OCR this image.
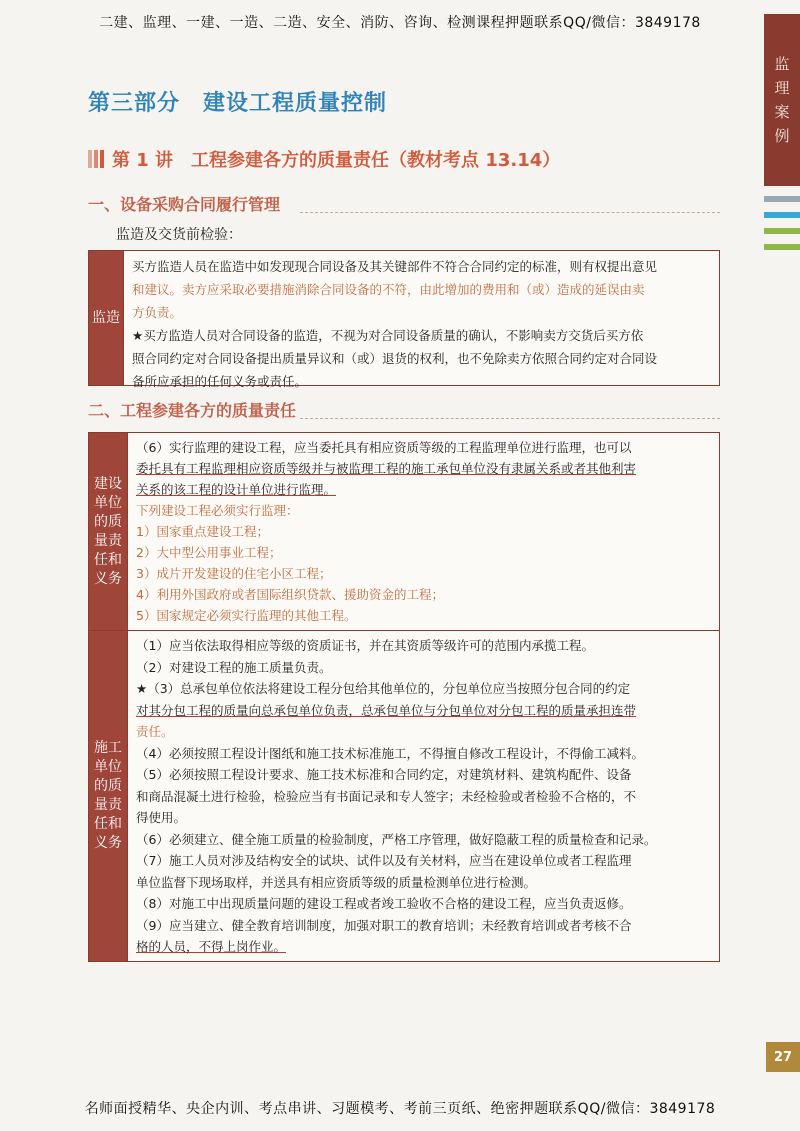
二建、监理、一建、一造、二造、安全、消防、咨询、检测课程押题联系QQ/微信：3849178
监
理
案
例
第三部分　建设工程质量控制
第 1 讲　工程参建各方的质量责任（教材考点 13.14）
一、设备采购合同履行管理
监造及交货前检验：
监造

买方监造人员在监造中如发现现合同设备及其关键部件不符合合同约定的标准，则有权提出意见

和建议。卖方应采取必要措施消除合同设备的不符，由此增加的费用和（或）造成的延误由卖

方负责。

★买方监造人员对合同设备的监造，不视为对合同设备质量的确认，不影响卖方交货后买方依

照合同约定对合同设备提出质量异议和（或）退货的权利，也不免除卖方依照合同约定对合同设

备所应承担的任何义务或责任。

二、工程参建各方的质量责任
建设单位的质量责任和义务

（6）实行监理的建设工程，应当委托具有相应资质等级的工程监理单位进行监理，也可以

委托具有工程监理相应资质等级并与被监理工程的施工承包单位没有隶属关系或者其他利害

关系的该工程的设计单位进行监理。

下列建设工程必须实行监理：

1）国家重点建设工程；

2）大中型公用事业工程；

3）成片开发建设的住宅小区工程；

4）利用外国政府或者国际组织贷款、援助资金的工程；

5）国家规定必须实行监理的其他工程。

施工单位的质量责任和义务

（1）应当依法取得相应等级的资质证书，并在其资质等级许可的范围内承揽工程。

（2）对建设工程的施工质量负责。

★（3）总承包单位依法将建设工程分包给其他单位的，分包单位应当按照分包合同的约定

对其分包工程的质量向总承包单位负责，总承包单位与分包单位对分包工程的质量承担连带

责任。

（4）必须按照工程设计图纸和施工技术标准施工，不得擅自修改工程设计，不得偷工减料。

（5）必须按照工程设计要求、施工技术标准和合同约定，对建筑材料、建筑构配件、设备

和商品混凝土进行检验，检验应当有书面记录和专人签字；未经检验或者检验不合格的，不

得使用。

（6）必须建立、健全施工质量的检验制度，严格工序管理，做好隐蔽工程的质量检查和记录。

（7）施工人员对涉及结构安全的试块、试件以及有关材料，应当在建设单位或者工程监理

单位监督下现场取样，并送具有相应资质等级的质量检测单位进行检测。

（8）对施工中出现质量问题的建设工程或者竣工验收不合格的建设工程，应当负责返修。

（9）应当建立、健全教育培训制度，加强对职工的教育培训；未经教育培训或者考核不合

格的人员，不得上岗作业。

27
名师面授精华、央企内训、考点串讲、习题模考、考前三页纸、绝密押题联系QQ/微信：3849178
